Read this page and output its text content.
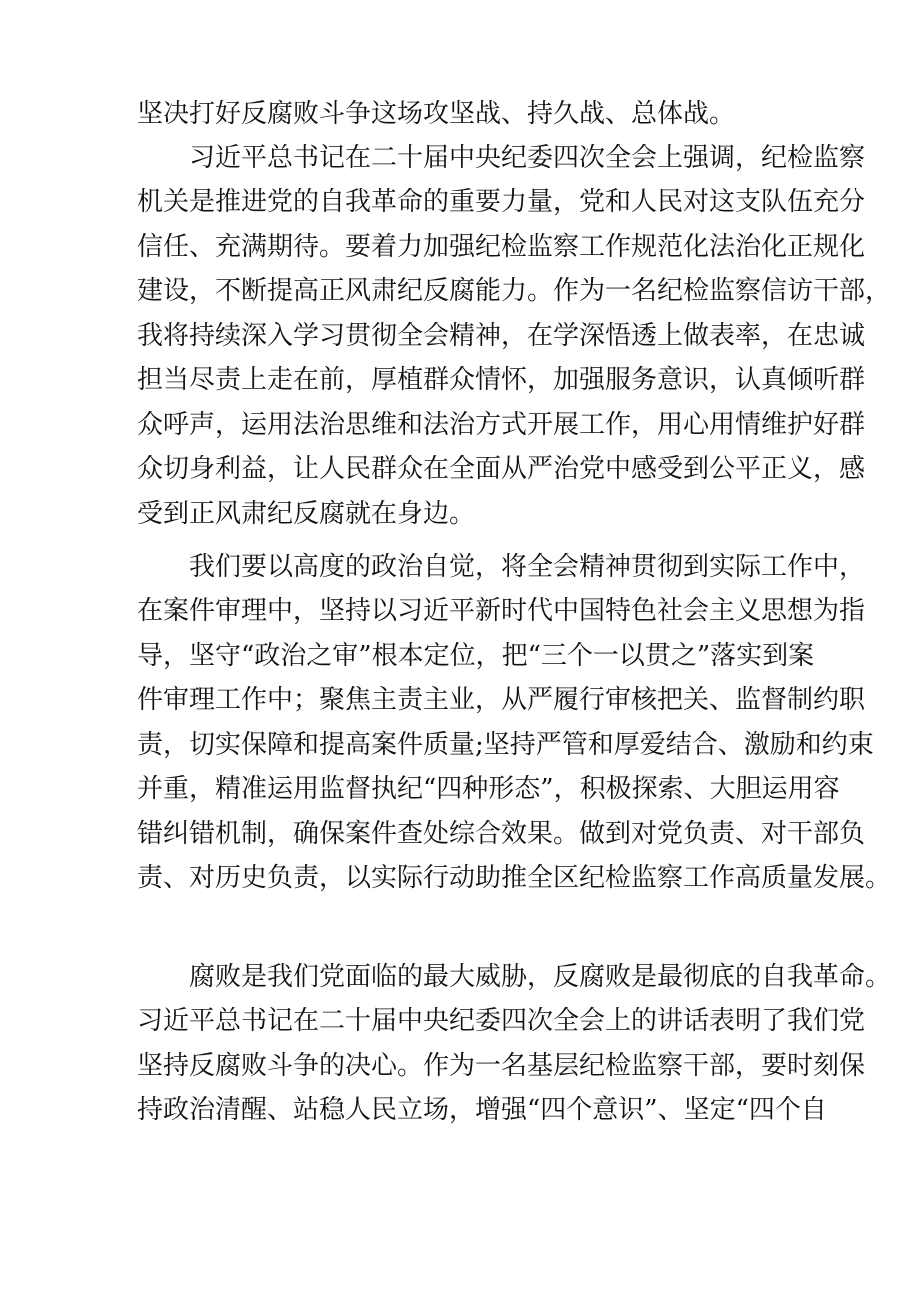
坚决打好反腐败斗争这场攻坚战、持久战、总体战。
习近平总书记在二十届中央纪委四次全会上强调，纪检监察
机关是推进党的自我革命的重要力量，党和人民对这支队伍充分
信任、充满期待。要着力加强纪检监察工作规范化法治化正规化
建设，不断提高正风肃纪反腐能力。作为一名纪检监察信访干部，
我将持续深入学习贯彻全会精神，在学深悟透上做表率，在忠诚
担当尽责上走在前，厚植群众情怀，加强服务意识，认真倾听群
众呼声，运用法治思维和法治方式开展工作，用心用情维护好群
众切身利益，让人民群众在全面从严治党中感受到公平正义，感
受到正风肃纪反腐就在身边。
我们要以高度的政治自觉，将全会精神贯彻到实际工作中，
在案件审理中，坚持以习近平新时代中国特色社会主义思想为指
导，坚守“政治之审”根本定位，把“三个一以贯之”落实到案
件审理工作中；聚焦主责主业，从严履行审核把关、监督制约职
责，切实保障和提高案件质量;坚持严管和厚爱结合、激励和约束
并重，精准运用监督执纪“四种形态”，积极探索、大胆运用容
错纠错机制，确保案件查处综合效果。做到对党负责、对干部负
责、对历史负责，以实际行动助推全区纪检监察工作高质量发展。
腐败是我们党面临的最大威胁，反腐败是最彻底的自我革命。
习近平总书记在二十届中央纪委四次全会上的讲话表明了我们党
坚持反腐败斗争的决心。作为一名基层纪检监察干部，要时刻保
持政治清醒、站稳人民立场，增强“四个意识”、坚定“四个自
